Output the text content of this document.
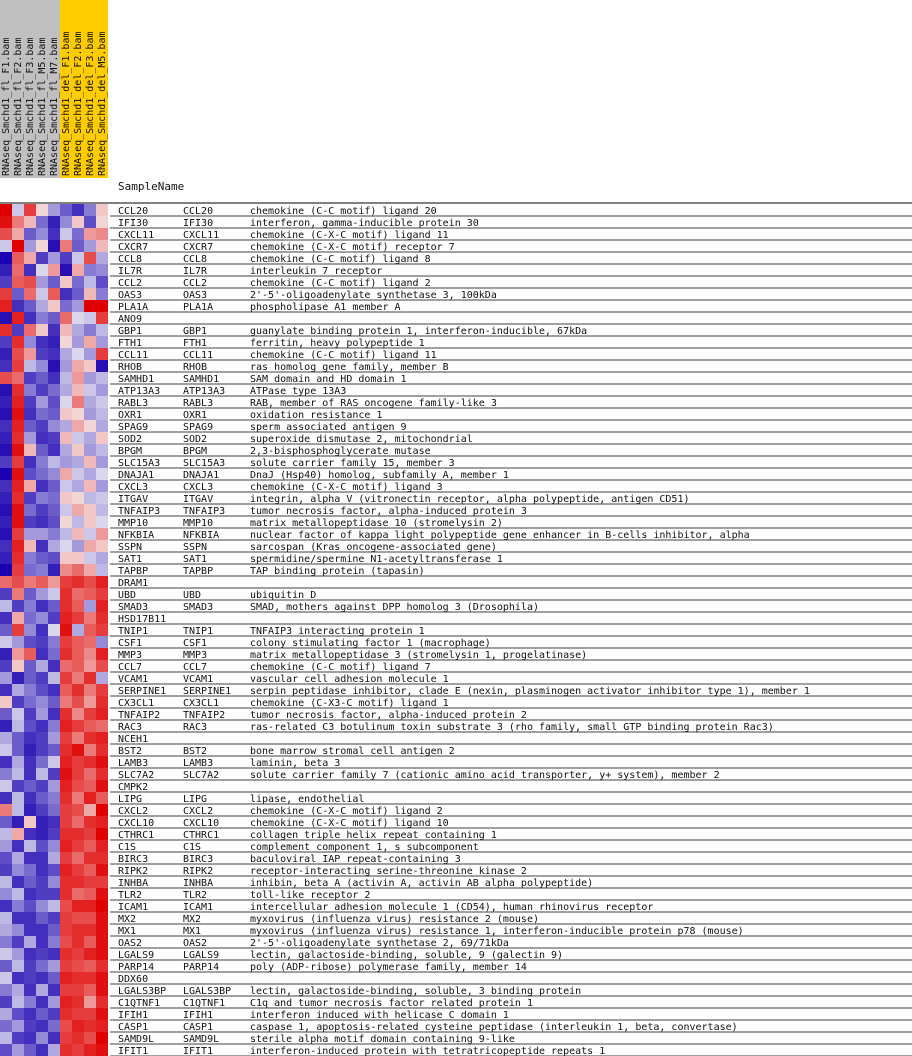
RNAseq_Smchd1_fl_F1.bam RNAseq_Smchd1_fl_F2.bam RNAseq_Smchd1_fl_F3.bam RNAseq_Smchd1_fl_M5.bam RNAseq_Smchd1_fl_M7.bam RNAseq_Smchd1_del_F1.bam RNAseq_Smchd1_del_F2.bam RNAseq_Smchd1_del_F3.bam RNAseq_Smchd1_del_M5.bam
SampleName
CCL20	CCL20	chemokine (C-C motif) ligand 20
IFI30	IFI30	interferon, gamma-inducible protein 30
CXCL11	CXCL11	chemokine (C-X-C motif) ligand 11
CXCR7	CXCR7	chemokine (C-X-C motif) receptor 7
CCL8	CCL8	chemokine (C-C motif) ligand 8
IL7R	IL7R	interleukin 7 receptor
CCL2	CCL2	chemokine (C-C motif) ligand 2
OAS3	OAS3	2'-5'-oligoadenylate synthetase 3, 100kDa
PLA1A	PLA1A	phospholipase A1 member A
ANO9
GBP1	GBP1	guanylate binding protein 1, interferon-inducible, 67kDa
FTH1	FTH1	ferritin, heavy polypeptide 1
CCL11	CCL11	chemokine (C-C motif) ligand 11
RHOB	RHOB	ras homolog gene family, member B
SAMHD1	SAMHD1	SAM domain and HD domain 1
ATP13A3 ATP13A3 ATPase type 13A3
RABL3	RABL3	RAB, member of RAS oncogene family-like 3
OXR1	OXR1	oxidation resistance 1
SPAG9	SPAG9	sperm associated antigen 9
SOD2	SOD2	superoxide dismutase 2, mitochondrial
BPGM	BPGM	2,3-bisphosphoglycerate mutase
SLC15A3 SLC15A3 solute carrier family 15, member 3
DNAJA1	DNAJA1	DnaJ (Hsp40) homolog, subfamily A, member 1
CXCL3	CXCL3	chemokine (C-X-C motif) ligand 3
ITGAV	ITGAV	integrin, alpha V (vitronectin receptor, alpha polypeptide, antigen CD51)
TNFAIP3 TNFAIP3 tumor necrosis factor, alpha-induced protein 3
MMP10	MMP10	matrix metallopeptidase 10 (stromelysin 2)
NFKBIA	NFKBIA	nuclear factor of kappa light polypeptide gene enhancer in B-cells inhibitor, alpha
SSPN	SSPN	sarcospan (Kras oncogene-associated gene)
SAT1	SAT1	spermidine/spermine N1-acetyltransferase 1
TAPBP	TAPBP	TAP binding protein (tapasin)
DRAM1
UBD	UBD	ubiquitin D
SMAD3	SMAD3	SMAD, mothers against DPP homolog 3 (Drosophila)
HSD17B11
TNIP1	TNIP1	TNFAIP3 interacting protein 1
CSF1	CSF1	colony stimulating factor 1 (macrophage)
MMP3	MMP3	matrix metallopeptidase 3 (stromelysin 1, progelatinase)
CCL7	CCL7	chemokine (C-C motif) ligand 7
VCAM1	VCAM1	vascular cell adhesion molecule 1
SERPINE1 SERPINE1 serpin peptidase inhibitor, clade E (nexin, plasminogen activator inhibitor type 1), member 1
CX3CL1	CX3CL1	chemokine (C-X3-C motif) ligand 1
TNFAIP2 TNFAIP2 tumor necrosis factor, alpha-induced protein 2
RAC3	RAC3	ras-related C3 botulinum toxin substrate 3 (rho family, small GTP binding protein Rac3)
NCEH1
BST2	BST2	bone marrow stromal cell antigen 2
LAMB3	LAMB3	laminin, beta 3
SLC7A2	SLC7A2	solute carrier family 7 (cationic amino acid transporter, y+ system), member 2
CMPK2
LIPG	LIPG	lipase, endothelial
CXCL2	CXCL2	chemokine (C-X-C motif) ligand 2
CXCL10	CXCL10	chemokine (C-X-C motif) ligand 10
CTHRC1	CTHRC1	collagen triple helix repeat containing 1
C1S	C1S	complement component 1, s subcomponent
BIRC3	BIRC3	baculoviral IAP repeat-containing 3
RIPK2	RIPK2	receptor-interacting serine-threonine kinase 2
INHBA	INHBA	inhibin, beta A (activin A, activin AB alpha polypeptide)
TLR2	TLR2	toll-like receptor 2
ICAM1	ICAM1	intercellular adhesion molecule 1 (CD54), human rhinovirus receptor
MX2	MX2	myxovirus (influenza virus) resistance 2 (mouse)
MX1	MX1	myxovirus (influenza virus) resistance 1, interferon-inducible protein p78 (mouse)
OAS2	OAS2	2'-5'-oligoadenylate synthetase 2, 69/71kDa
LGALS9	LGALS9	lectin, galactoside-binding, soluble, 9 (galectin 9)
PARP14	PARP14	poly (ADP-ribose) polymerase family, member 14
DDX60
LGALS3BP LGALS3BP lectin, galactoside-binding, soluble, 3 binding protein
C1QTNF1 C1QTNF1 C1q and tumor necrosis factor related protein 1
IFIH1	IFIH1	interferon induced with helicase C domain 1
CASP1	CASP1	caspase 1, apoptosis-related cysteine peptidase (interleukin 1, beta, convertase)
SAMD9L	SAMD9L	sterile alpha motif domain containing 9-like
IFIT1	IFIT1	interferon-induced protein with tetratricopeptide repeats 1
